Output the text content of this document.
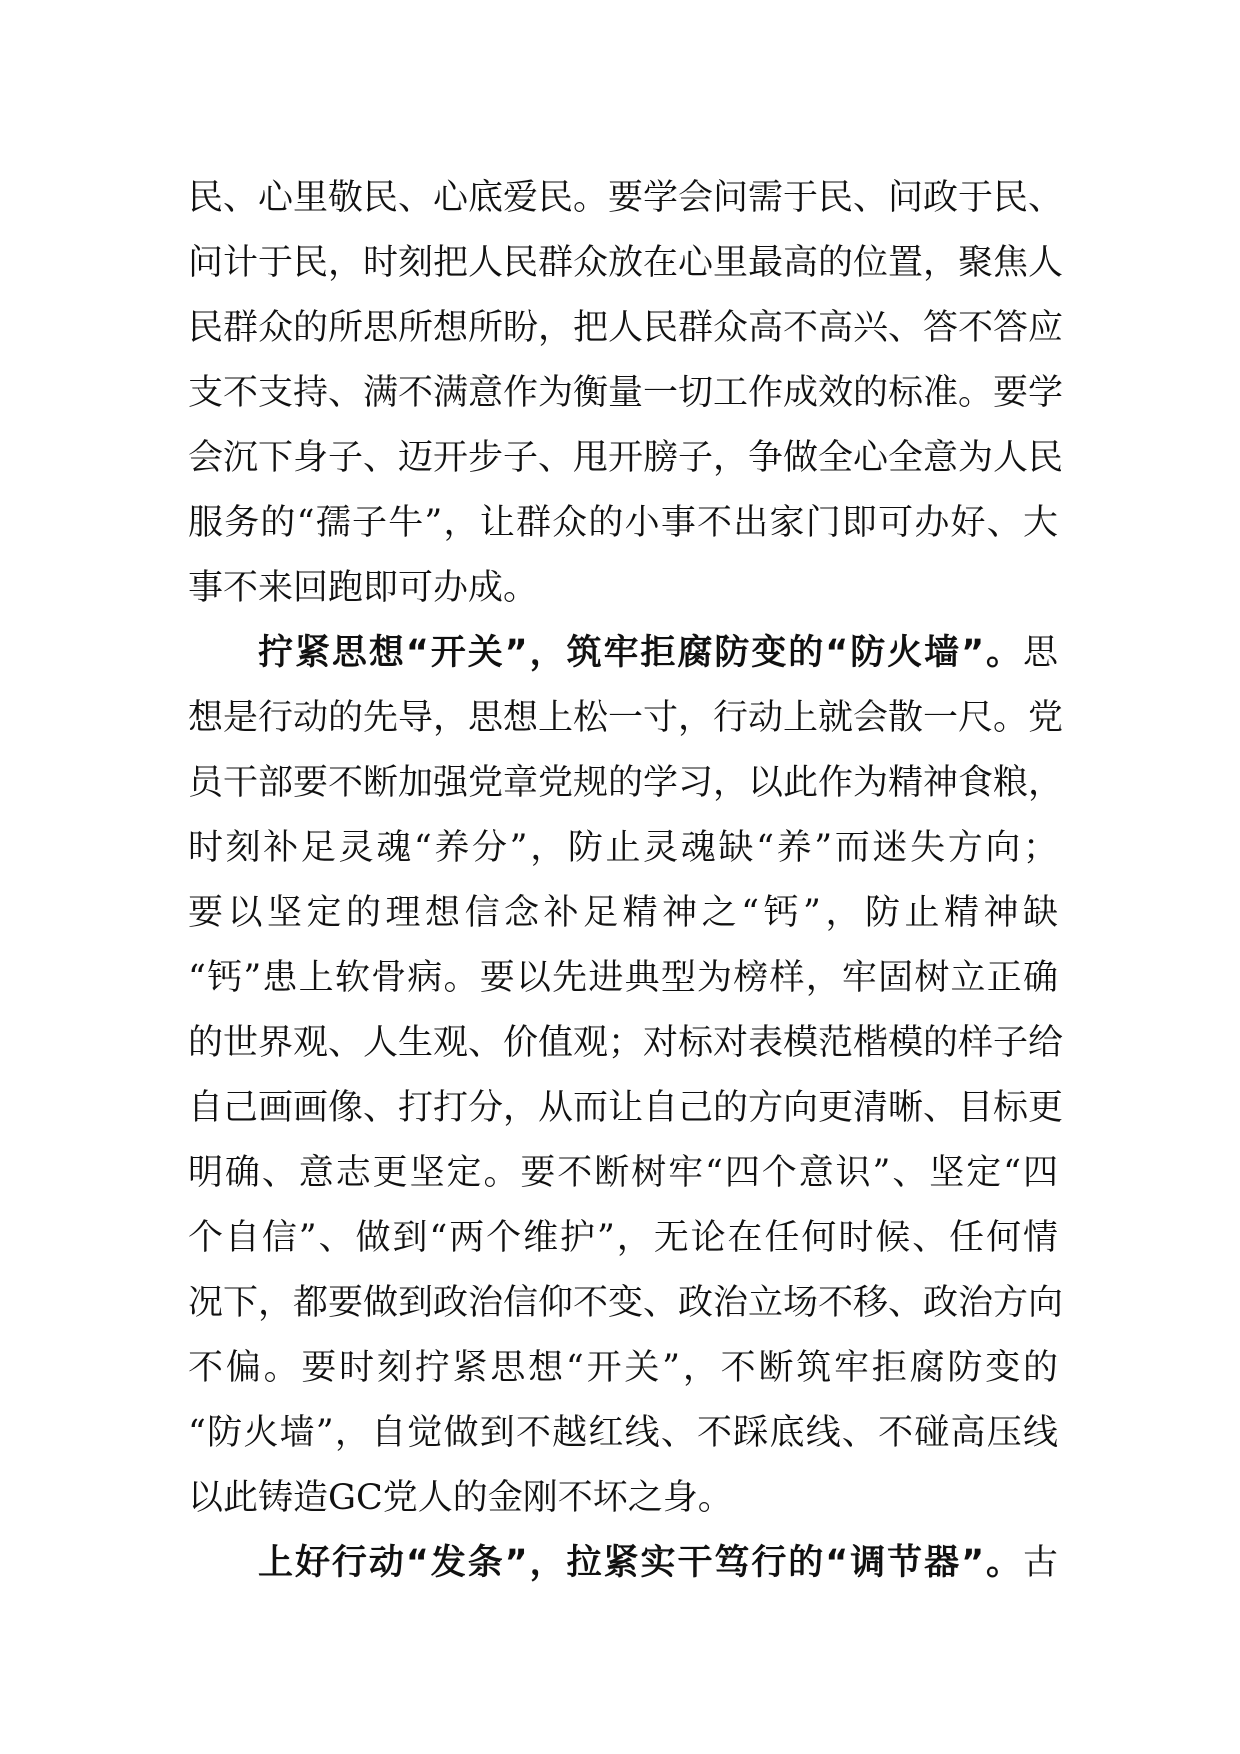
民、心里敬民、心底爱民。要学会问需于民、问政于民、
问计于民，时刻把人民群众放在心里最高的位置，聚焦人
民群众的所思所想所盼，把人民群众高不高兴、答不答应
支不支持、满不满意作为衡量一切工作成效的标准。要学
会沉下身子、迈开步子、甩开膀子，争做全心全意为人民
服务的“孺子牛”，让群众的小事不出家门即可办好、大
事不来回跑即可办成。
拧紧思想“开关”，筑牢拒腐防变的“防火墙”。思
想是行动的先导，思想上松一寸，行动上就会散一尺。党
员干部要不断加强党章党规的学习，以此作为精神食粮，
时刻补足灵魂“养分”，防止灵魂缺“养”而迷失方向；
要以坚定的理想信念补足精神之“钙”，防止精神缺
“钙”患上软骨病。要以先进典型为榜样，牢固树立正确
的世界观、人生观、价值观；对标对表模范楷模的样子给
自己画画像、打打分，从而让自己的方向更清晰、目标更
明确、意志更坚定。要不断树牢“四个意识”、坚定“四
个自信”、做到“两个维护”，无论在任何时候、任何情
况下，都要做到政治信仰不变、政治立场不移、政治方向
不偏。要时刻拧紧思想“开关”，不断筑牢拒腐防变的
“防火墙”，自觉做到不越红线、不踩底线、不碰高压线
以此铸造GC党人的金刚不坏之身。
上好行动“发条”，拉紧实干笃行的“调节器”。古
